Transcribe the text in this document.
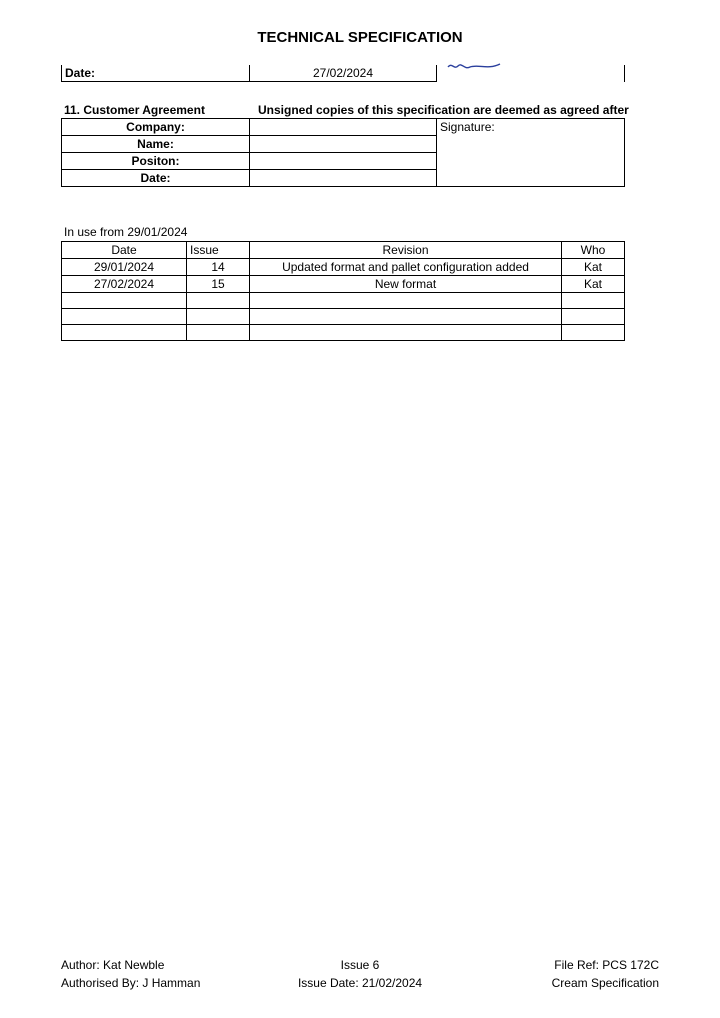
TECHNICAL SPECIFICATION
Date:	27/02/2024	
11. Customer Agreement	Unsigned copies of this specification are deemed as agreed after
Company:		Signature:
Name:		
Positon:		
Date:		
In use from 29/01/2024
Date	Issue	Revision	Who
29/01/2024	14	Updated format and pallet configuration added	Kat
27/02/2024	15	New format	Kat

Author: Kat Newble
Authorised By: J Hamman
Issue 6
Issue Date: 21/02/2024
File Ref: PCS 172C
Cream Specification
